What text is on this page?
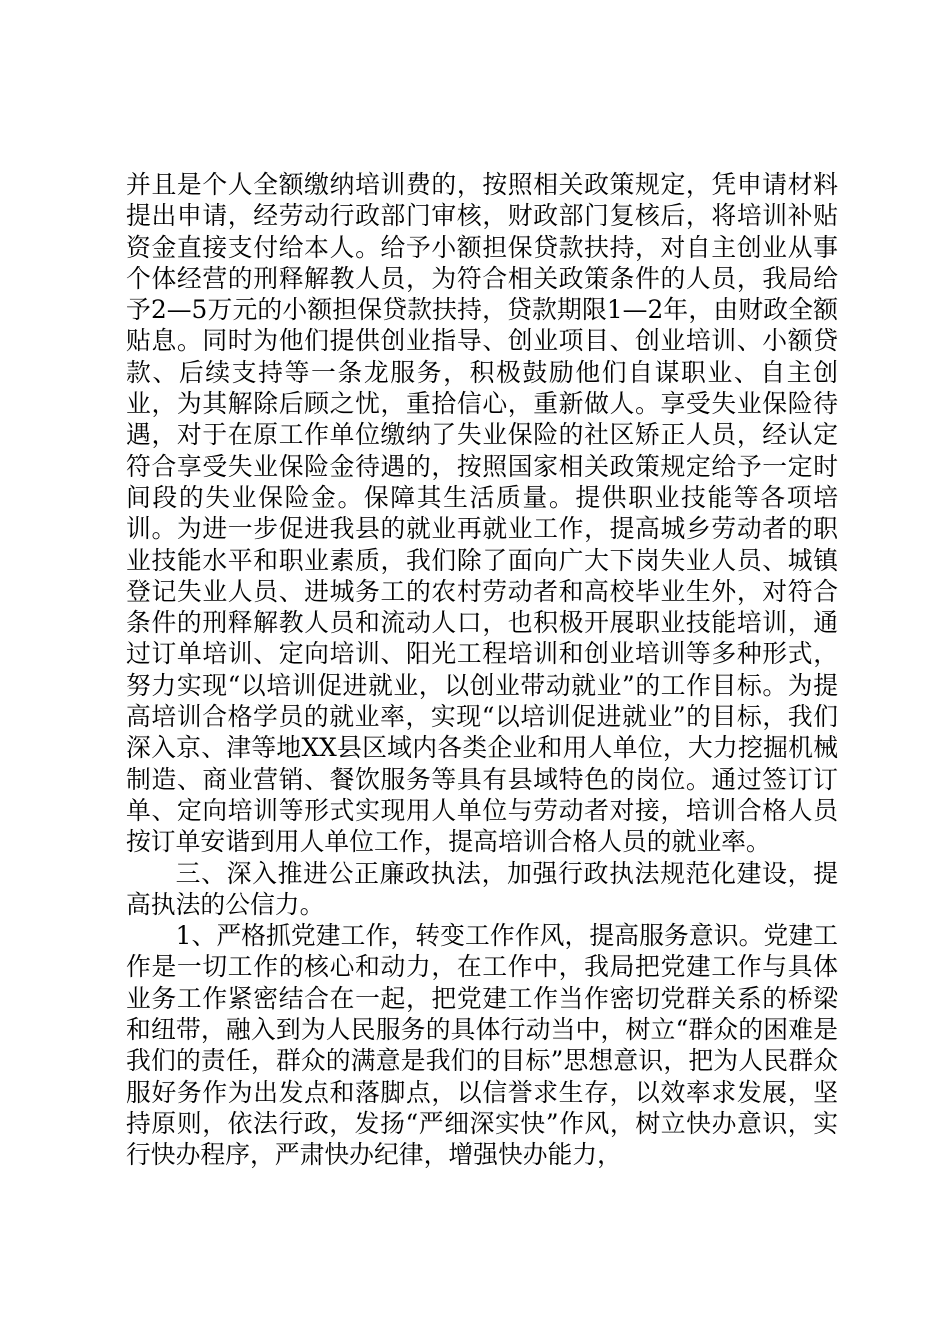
并且是个人全额缴纳培训费的，按照相关政策规定，凭申请材料提出申请，经劳动行政部门审核，财政部门复核后，将培训补贴资金直接支付给本人。给予小额担保贷款扶持，对自主创业从事个体经营的刑释解教人员，为符合相关政策条件的人员，我局给予2—5万元的小额担保贷款扶持，贷款期限1—2年，由财政全额贴息。同时为他们提供创业指导、创业项目、创业培训、小额贷款、后续支持等一条龙服务，积极鼓励他们自谋职业、自主创业，为其解除后顾之忧，重拾信心，重新做人。享受失业保险待遇，对于在原工作单位缴纳了失业保险的社区矫正人员，经认定符合享受失业保险金待遇的，按照国家相关政策规定给予一定时间段的失业保险金。保障其生活质量。提供职业技能等各项培训。为进一步促进我县的就业再就业工作，提高城乡劳动者的职业技能水平和职业素质，我们除了面向广大下岗失业人员、城镇登记失业人员、进城务工的农村劳动者和高校毕业生外，对符合条件的刑释解教人员和流动人口，也积极开展职业技能培训，通过订单培训、定向培训、阳光工程培训和创业培训等多种形式，努力实现“以培训促进就业，以创业带动就业”的工作目标。为提高培训合格学员的就业率，实现“以培训促进就业”的目标，我们深入京、津等地XX县区域内各类企业和用人单位，大力挖掘机械制造、商业营销、餐饮服务等具有县域特色的岗位。通过签订订单、定向培训等形式实现用人单位与劳动者对接，培训合格人员按订单安谐到用人单位工作，提高培训合格人员的就业率。

三、深入推进公正廉政执法，加强行政执法规范化建设，提高执法的公信力。

1、严格抓党建工作，转变工作作风，提高服务意识。党建工作是一切工作的核心和动力，在工作中，我局把党建工作与具体业务工作紧密结合在一起，把党建工作当作密切党群关系的桥梁和纽带，融入到为人民服务的具体行动当中，树立“群众的困难是我们的责任，群众的满意是我们的目标”思想意识，把为人民群众服好务作为出发点和落脚点，以信誉求生存，以效率求发展，坚持原则，依法行政，发扬“严细深实快”作风，树立快办意识，实行快办程序，严肃快办纪律，增强快办能力，
